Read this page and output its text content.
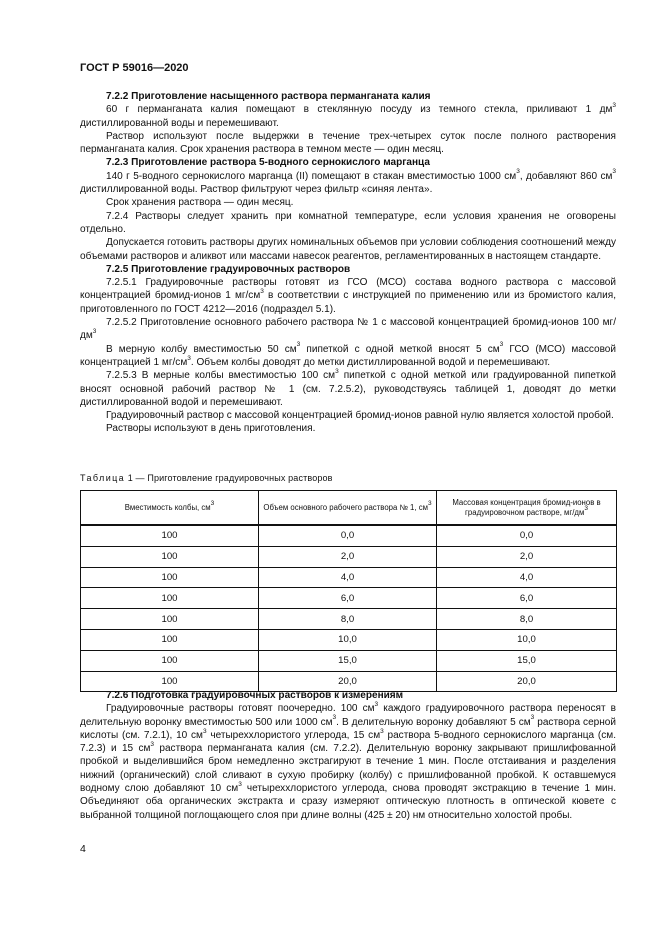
ГОСТ Р 59016—2020

7.2.2 Приготовление насыщенного раствора перманганата калия

60 г перманганата калия помещают в стеклянную посуду из темного стекла, приливают 1 $дм^3$ дистиллированной воды и перемешивают.

Раствор используют после выдержки в течение трех-четырех суток после полного растворения перманганата калия. Срок хранения раствора в темном месте — один месяц.

7.2.3 Приготовление раствора 5-водного сернокислого марганца

140 г 5-водного сернокислого марганца (II) помещают в стакан вместимостью 1000 $см^3$, добавляют 860 $см^3$ дистиллированной воды. Раствор фильтруют через фильтр «синяя лента».

Срок хранения раствора — один месяц.

7.2.4 Растворы следует хранить при комнатной температуре, если условия хранения не оговорены отдельно.

Допускается готовить растворы других номинальных объемов при условии соблюдения соотношений между объемами растворов и аликвот или массами навесок реагентов, регламентированных в настоящем стандарте.

7.2.5 Приготовление градуировочных растворов

7.2.5.1 Градуировочные растворы готовят из ГСО (МСО) состава водного раствора с массовой концентрацией бромид-ионов 1 $мг/см^3$ в соответствии с инструкцией по применению или из бромистого калия, приготовленного по ГОСТ 4212—2016 (подраздел 5.1).

7.2.5.2 Приготовление основного рабочего раствора № 1 с массовой концентрацией бромид-ионов 100 $мг/дм^3$

В мерную колбу вместимостью 50 $см^3$ пипеткой с одной меткой вносят 5 $см^3$ ГСО (МСО) массовой концентрацией 1 $мг/см^3$. Объем колбы доводят до метки дистиллированной водой и перемешивают.

7.2.5.3 В мерные колбы вместимостью 100 $см^3$ пипеткой с одной меткой или градуированной пипеткой вносят основной рабочий раствор № 1 (см. 7.2.5.2), руководствуясь таблицей 1, доводят до метки дистиллированной водой и перемешивают.

Градуировочный раствор с массовой концентрацией бромид-ионов равной нулю является холостой пробой.

Растворы используют в день приготовления.

Таблица 1 — Приготовление градуировочных растворов
Вместимость колбы, $см^3$	Объем основного рабочего раствора № 1, $см^3$	Массовая концентрация бромид-ионов в градуировочном растворе, $мг/дм^3$
100	0,0	0,0
100	2,0	2,0
100	4,0	4,0
100	6,0	6,0
100	8,0	8,0
100	10,0	10,0
100	15,0	15,0
100	20,0	20,0

7.2.6 Подготовка градуировочных растворов к измерениям

Градуировочные растворы готовят поочередно. 100 $см^3$ каждого градуировочного раствора переносят в делительную воронку вместимостью 500 или 1000 $см^3$. В делительную воронку добавляют 5 $см^3$ раствора серной кислоты (см. 7.2.1), 10 $см^3$ четыреххлористого углерода, 15 $см^3$ раствора 5-водного сернокислого марганца (см. 7.2.3) и 15 $см^3$ раствора перманганата калия (см. 7.2.2). Делительную воронку закрывают пришлифованной пробкой и выделившийся бром немедленно экстрагируют в течение 1 мин. После отстаивания и разделения нижний (органический) слой сливают в сухую пробирку (колбу) с пришлифованной пробкой. К оставшемуся водному слою добавляют 10 $см^3$ четыреххлористого углерода, снова проводят экстракцию в течение 1 мин. Объединяют оба органических экстракта и сразу измеряют оптическую плотность в оптической кювете с выбранной толщиной поглощающего слоя при длине волны (425 ± 20) нм относительно холостой пробы.

4
